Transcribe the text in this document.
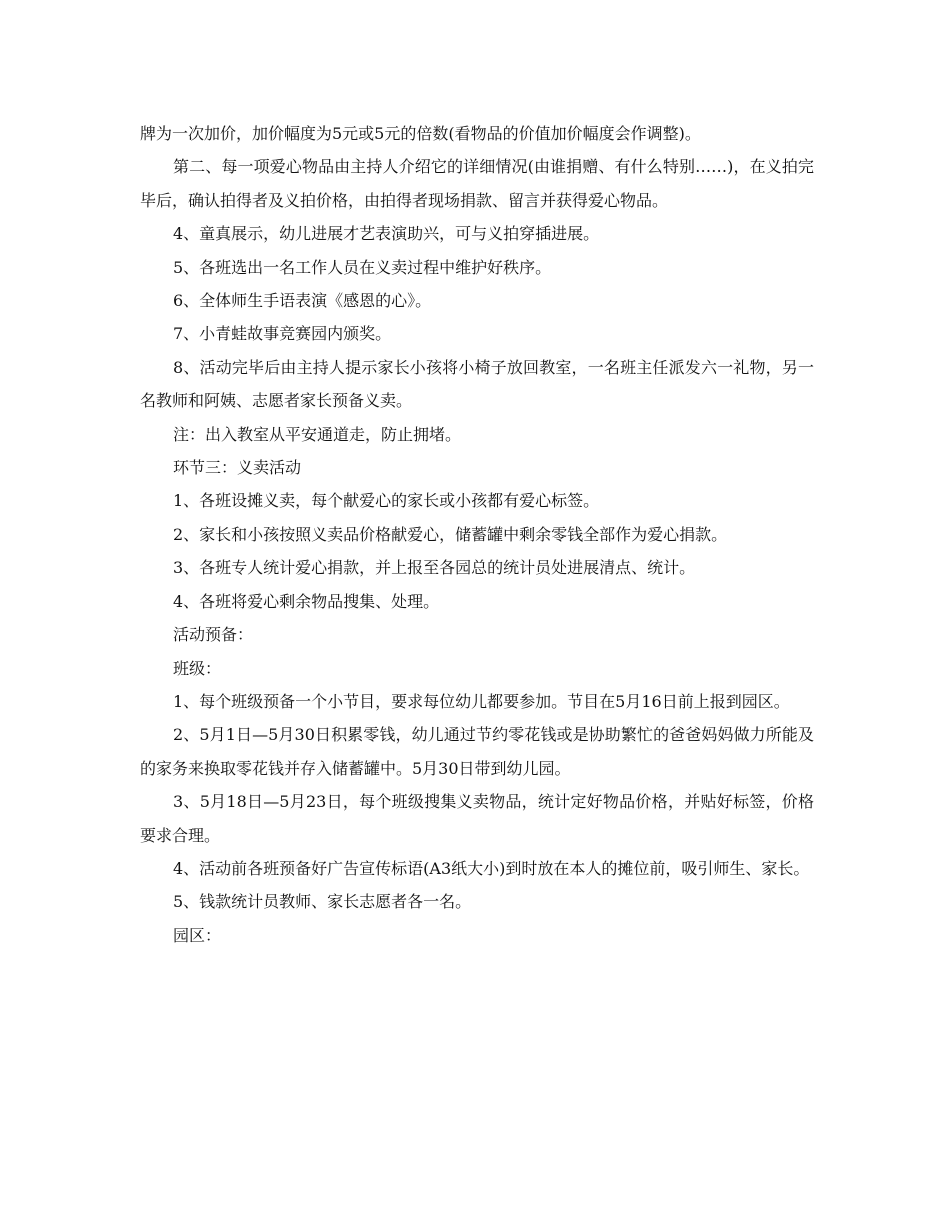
牌为一次加价，加价幅度为5元或5元的倍数(看物品的价值加价幅度会作调整)。

第二、每一项爱心物品由主持人介绍它的详细情况(由谁捐赠、有什么特别……)，在义拍完毕后，确认拍得者及义拍价格，由拍得者现场捐款、留言并获得爱心物品。

4、童真展示，幼儿进展才艺表演助兴，可与义拍穿插进展。

5、各班选出一名工作人员在义卖过程中维护好秩序。

6、全体师生手语表演《感恩的心》。

7、小青蛙故事竞赛园内颁奖。

8、活动完毕后由主持人提示家长小孩将小椅子放回教室，一名班主任派发六一礼物，另一名教师和阿姨、志愿者家长预备义卖。

注：出入教室从平安通道走，防止拥堵。

环节三：义卖活动

1、各班设摊义卖，每个献爱心的家长或小孩都有爱心标签。

2、家长和小孩按照义卖品价格献爱心，储蓄罐中剩余零钱全部作为爱心捐款。

3、各班专人统计爱心捐款，并上报至各园总的统计员处进展清点、统计。

4、各班将爱心剩余物品搜集、处理。

活动预备：

班级：

1、每个班级预备一个小节目，要求每位幼儿都要参加。节目在5月16日前上报到园区。

2、5月1日—5月30日积累零钱，幼儿通过节约零花钱或是协助繁忙的爸爸妈妈做力所能及的家务来换取零花钱并存入储蓄罐中。5月30日带到幼儿园。

3、5月18日—5月23日，每个班级搜集义卖物品，统计定好物品价格，并贴好标签，价格要求合理。

4、活动前各班预备好广告宣传标语(A3纸大小)到时放在本人的摊位前，吸引师生、家长。

5、钱款统计员教师、家长志愿者各一名。

园区：
